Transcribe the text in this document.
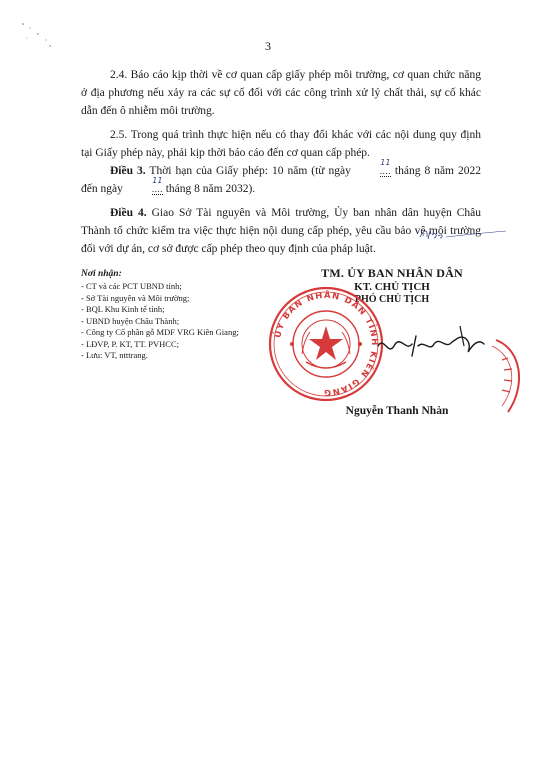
3

2.4. Báo cáo kịp thời về cơ quan cấp giấy phép môi trường, cơ quan chức năng ở địa phương nếu xảy ra các sự cố đối với các công trình xử lý chất thải, sự cố khác dẫn đến ô nhiễm môi trường.

2.5. Trong quá trình thực hiện nếu có thay đổi khác với các nội dung quy định tại Giấy phép này, phải kịp thời báo cáo đến cơ quan cấp phép.

Điều 3. Thời hạn của Giấy phép: 10 năm (từ ngày
11
.... tháng 8 năm 2022 đến ngày
11
.... tháng 8 năm 2032).

Điều 4. Giao Sở Tài nguyên và Môi trường, Ủy ban nhân dân huyện Châu Thành tổ chức kiểm tra việc thực hiện nội dung cấp phép, yêu cầu bảo vệ môi trường đối với dự án, cơ sở được cấp phép theo quy định của pháp luật.

Nơi nhận:
- CT và các PCT UBND tỉnh;
- Sở Tài nguyên và Môi trường;
- BQL Khu Kinh tế tỉnh;
- UBND huyện Châu Thành;
- Công ty Cổ phần gỗ MDF VRG Kiên Giang;
- LĐVP, P. KT, TT. PVHCC;
- Lưu: VT, ntttrang.
TM. ỦY BAN NHÂN DÂN
KT. CHỦ TỊCH
PHÓ CHỦ TỊCH
ỦY BAN NHÂN DÂN TỈNH KIÊN GIANG
Nguyễn Thanh Nhàn
